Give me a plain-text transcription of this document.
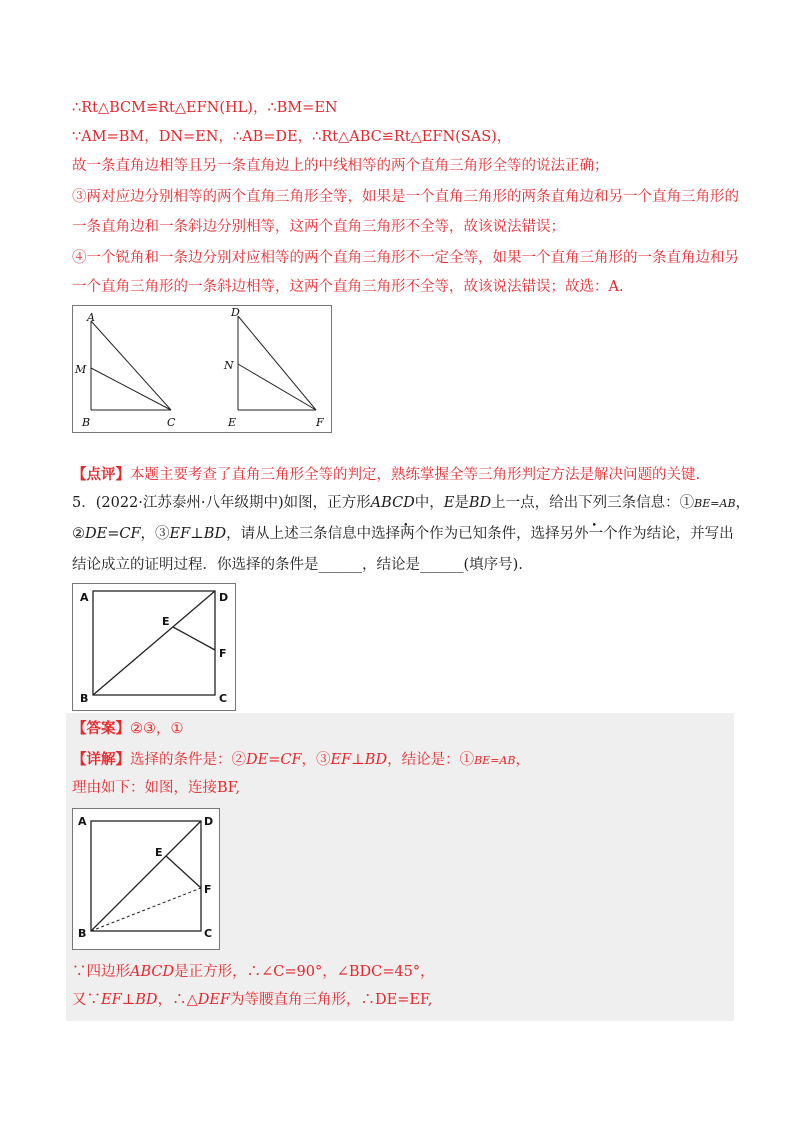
∴Rt△BCM≌Rt△EFN(HL)，∴BM=EN
∵AM=BM，DN=EN，∴AB=DE，∴Rt△ABC≌Rt△EFN(SAS)，
故一条直角边相等且另一条直角边上的中线相等的两个直角三角形全等的说法正确；
③两对应边分别相等的两个直角三角形全等，如果是一个直角三角形的两条直角边和另一个直角三角形的
一条直角边和一条斜边分别相等，这两个直角三角形不全等，故该说法错误；
④一个锐角和一条边分别对应相等的两个直角三角形不一定全等，如果一个直角三角形的一条直角边和另
一个直角三角形的一条斜边相等，这两个直角三角形不全等，故该说法错误；故选：A.
A
M
B	C
D
N
E	F
【点评】本题主要考查了直角三角形全等的判定，熟练掌握全等三角形判定方法是解决问题的关键.
5．(2022·江苏泰州·八年级期中)如图，正方形ABCD中，E是BD上一点，给出下列三条信息：①BE=AB，
②DE=CF，③EF⊥BD，请从上述三条信息中选择两个作为已知条件，选择另外一个作为结论，并写出
结论成立的证明过程．你选择的条件是______，结论是______(填序号).
A	D
E
F
B	C
【答案】②③，①
【详解】选择的条件是：②DE=CF，③EF⊥BD，结论是：①BE=AB，
理由如下：如图，连接BF,
A	D
E
F
B	C
∵四边形ABCD是正方形，∴∠C=90°，∠BDC=45°，
又∵EF⊥BD，∴△DEF为等腰直角三角形，∴DE=EF,
